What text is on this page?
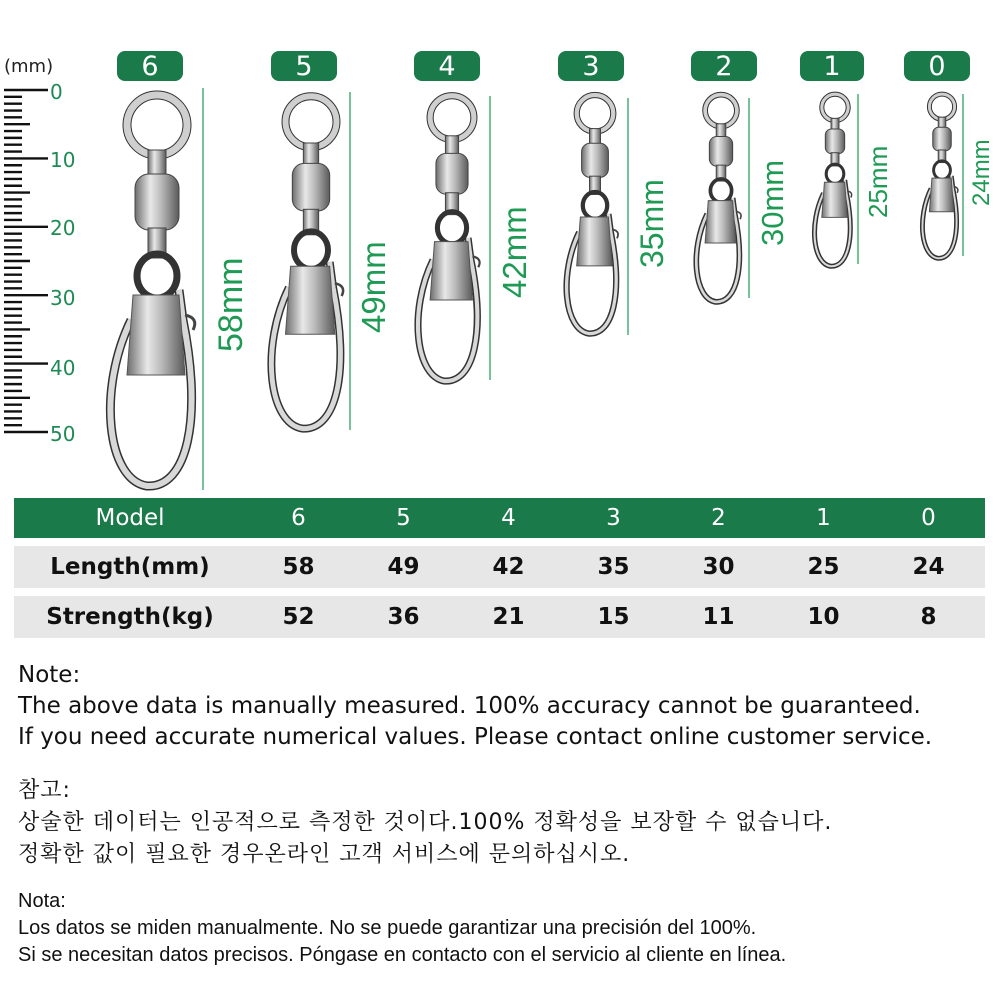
(mm)
0
10
20
30
40
50
6	5	4	3	2	1	0
58mm	49mm	42mm	35mm	30mm	25mm	24mm
Model	6	5	4	3	2	1	0
Length(mm)	58	49	42	35	30	25	24
Strength(kg)	52	36	21	15	11	10	8
Note:
The above data is manually measured. 100% accuracy cannot be guaranteed.
If you need accurate numerical values. Please contact online customer service.
참고:
상술한 데이터는 인공적으로 측정한 것이다.100% 정확성을 보장할 수 없습니다.
정확한 값이 필요한 경우온라인 고객 서비스에 문의하십시오.
Nota:
Los datos se miden manualmente. No se puede garantizar una precisión del 100%.
Si se necesitan datos precisos. Póngase en contacto con el servicio al cliente en línea.
